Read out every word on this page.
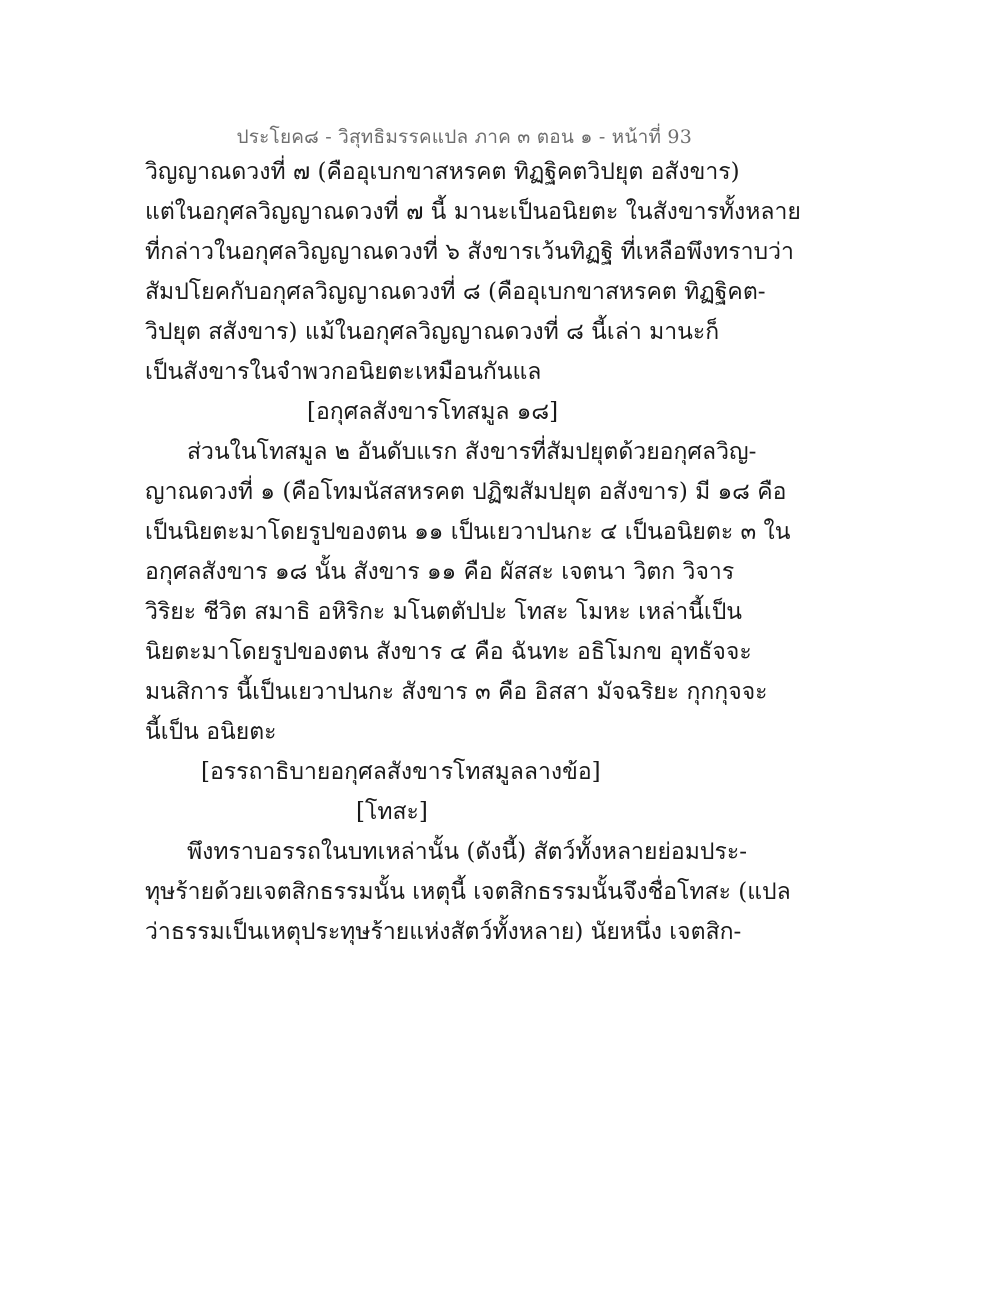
ประโยค๘ - วิสุทธิมรรคแปล ภาค ๓ ตอน ๑ - หน้าที่ 93
วิญญาณดวงที่ ๗ (คืออุเบกขาสหรคต ทิฏฐิคตวิปยุต อสังขาร)
แต่ในอกุศลวิญญาณดวงที่ ๗ นี้ มานะเป็นอนิยตะ ในสังขารทั้งหลาย
ที่กล่าวในอกุศลวิญญาณดวงที่ ๖ สังขารเว้นทิฏฐิ ที่เหลือพึงทราบว่า
สัมปโยคกับอกุศลวิญญาณดวงที่ ๘ (คืออุเบกขาสหรคต ทิฏฐิคต-
วิปยุต สสังขาร) แม้ในอกุศลวิญญาณดวงที่ ๘ นี้เล่า มานะก็
เป็นสังขารในจำพวกอนิยตะเหมือนกันแล
[อกุศลสังขารโทสมูล ๑๘]
ส่วนในโทสมูล ๒ อันดับแรก สังขารที่สัมปยุตด้วยอกุศลวิญ-
ญาณดวงที่ ๑ (คือโทมนัสสหรคต ปฏิฆสัมปยุต อสังขาร) มี ๑๘ คือ
เป็นนิยตะมาโดยรูปของตน ๑๑ เป็นเยวาปนกะ ๔ เป็นอนิยตะ ๓ ใน
อกุศลสังขาร ๑๘ นั้น สังขาร ๑๑ คือ ผัสสะ เจตนา วิตก วิจาร
วิริยะ ชีวิต สมาธิ อหิริกะ มโนตตัปปะ โทสะ โมหะ เหล่านี้เป็น
นิยตะมาโดยรูปของตน สังขาร ๔ คือ ฉันทะ อธิโมกข อุทธัจจะ
มนสิการ นี้เป็นเยวาปนกะ สังขาร ๓ คือ อิสสา มัจฉริยะ กุกกุจจะ
นี้เป็น อนิยตะ
[อรรถาธิบายอกุศลสังขารโทสมูลลางข้อ]
[โทสะ]
พึงทราบอรรถในบทเหล่านั้น (ดังนี้) สัตว์ทั้งหลายย่อมประ-
ทุษร้ายด้วยเจตสิกธรรมนั้น เหตุนี้ เจตสิกธรรมนั้นจึงชื่อโทสะ (แปล
ว่าธรรมเป็นเหตุประทุษร้ายแห่งสัตว์ทั้งหลาย) นัยหนึ่ง เจตสิก-
